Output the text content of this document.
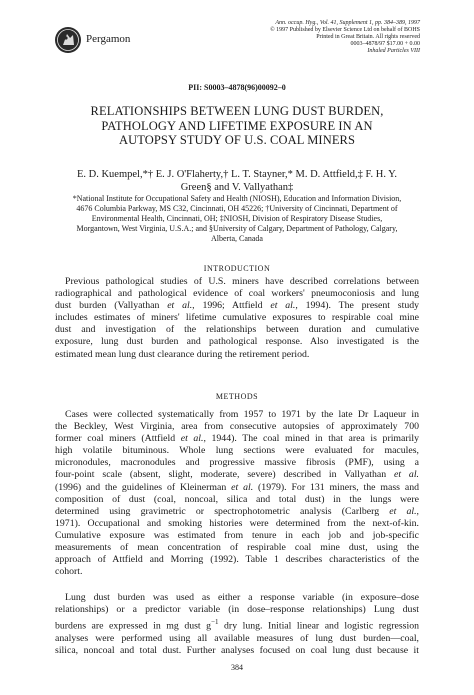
Pergamon
Ann. occup. Hyg., Vol. 41, Supplement 1, pp. 384–389, 1997
© 1997 Published by Elsevier Science Ltd on behalf of BOHS
Printed in Great Britain. All rights reserved
0003–4878/97 $17.00 + 0.00
Inhaled Particles VIII
PII: S0003–4878(96)00092–0
RELATIONSHIPS BETWEEN LUNG DUST BURDEN,
PATHOLOGY AND LIFETIME EXPOSURE IN AN
AUTOPSY STUDY OF U.S. COAL MINERS
E. D. Kuempel,*† E. J. O'Flaherty,† L. T. Stayner,* M. D. Attfield,‡ F. H. Y.
Green§ and V. Vallyathan‡
*National Institute for Occupational Safety and Health (NIOSH), Education and Information Division,
4676 Columbia Parkway, MS C32, Cincinnati, OH 45226; †University of Cincinnati, Department of
Environmental Health, Cincinnati, OH; ‡NIOSH, Division of Respiratory Disease Studies,
Morgantown, West Virginia, U.S.A.; and §University of Calgary, Department of Pathology, Calgary,
Alberta, Canada
INTRODUCTION
Previous pathological studies of U.S. miners have described correlations between
radiographical and pathological evidence of coal workers' pneumoconiosis and lung
dust burden (Vallyathan et al., 1996; Attfield et al., 1994). The present study
includes estimates of miners' lifetime cumulative exposures to respirable coal mine
dust and investigation of the relationships between duration and cumulative
exposure, lung dust burden and pathological response. Also investigated is the
estimated mean lung dust clearance during the retirement period.
METHODS
Cases were collected systematically from 1957 to 1971 by the late Dr Laqueur in
the Beckley, West Virginia, area from consecutive autopsies of approximately 700
former coal miners (Attfield et al., 1944). The coal mined in that area is primarily
high volatile bituminous. Whole lung sections were evaluated for macules,
micronodules, macronodules and progressive massive fibrosis (PMF), using a
four-point scale (absent, slight, moderate, severe) described in Vallyathan et al.
(1996) and the guidelines of Kleinerman et al. (1979). For 131 miners, the mass and
composition of dust (coal, noncoal, silica and total dust) in the lungs were
determined using gravimetric or spectrophotometric analysis (Carlberg et al.,
1971). Occupational and smoking histories were determined from the next-of-kin.
Cumulative exposure was estimated from tenure in each job and job-specific
measurements of mean concentration of respirable coal mine dust, using the
approach of Attfield and Morring (1992). Table 1 describes characteristics of the
cohort.
Lung dust burden was used as either a response variable (in exposure–dose
relationships) or a predictor variable (in dose–response relationships) Lung dust
burdens are expressed in mg dust $g^{-1}$ dry lung. Initial linear and logistic regression
analyses were performed using all available measures of lung dust burden—coal,
silica, noncoal and total dust. Further analyses focused on coal lung dust because it
384
